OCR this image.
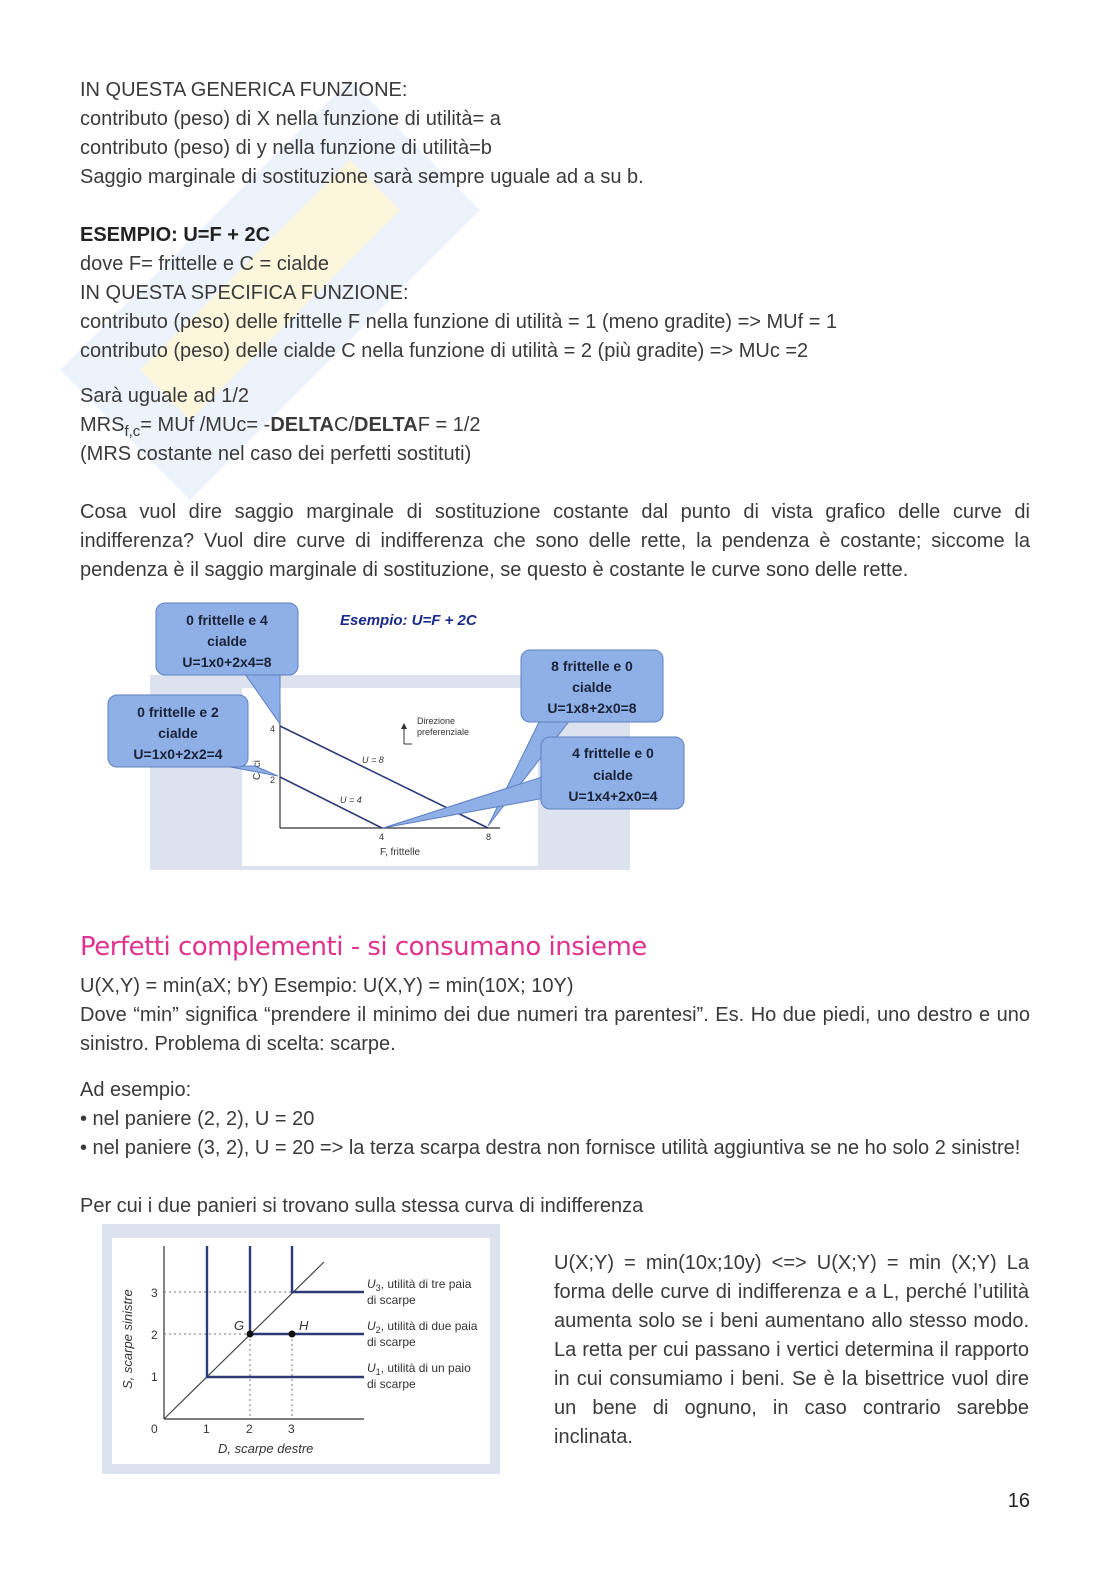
IN QUESTA GENERICA FUNZIONE:
contributo (peso) di X nella funzione di utilità= a
contributo (peso) di y nella funzione di utilità=b
Saggio marginale di sostituzione sarà sempre uguale ad a su b.
ESEMPIO: U=F + 2C
dove F= frittelle e C = cialde
IN QUESTA SPECIFICA FUNZIONE:
contributo (peso) delle frittelle F nella funzione di utilità = 1 (meno gradite) => MUf = 1
contributo (peso) delle cialde C nella funzione di utilità = 2 (più gradite) => MUc =2
Sarà uguale ad 1/2
$MRS_{f,c}=$ MUf /MUc= -DELTAC/DELTAF = 1/2
(MRS costante nel caso dei perfetti sostituti)
Cosa vuol dire saggio marginale di sostituzione costante dal punto di vista grafico delle curve di indifferenza? Vuol dire curve di indifferenza che sono delle rette, la pendenza è costante; siccome la pendenza è il saggio marginale di sostituzione, se questo è costante le curve sono delle rette.
Esempio: U=F + 2C
4
2
4	8
F, frittelle
U = 8
U = 4
Direzione
preferenziale
0 frittelle e 4
cialde
U=1x0+2x4=8
0 frittelle e 2
cialde
U=1x0+2x2=4
8 frittelle e 0
cialde
U=1x8+2x0=8
4 frittelle e 0
cialde
U=1x4+2x0=4
Perfetti complementi - si consumano insieme
U(X,Y) = min(aX; bY) Esempio: U(X,Y) = min(10X; 10Y)
Dove “min” significa “prendere il minimo dei due numeri tra parentesi”. Es. Ho due piedi, uno destro e uno sinistro. Problema di scelta: scarpe.
Ad esempio:
• nel paniere (2, 2), U = 20
• nel paniere (3, 2), U = 20 => la terza scarpa destra non fornisce utilità aggiuntiva se ne ho solo 2 sinistre!
Per cui i due panieri si trovano sulla stessa curva di indifferenza
G	H
0	1	2	3
1
2
3
D, scarpe destre
S, scarpe sinistre
$U_3$, utilità di tre paia
di scarpe
$U_2$, utilità di due paia
di scarpe
$U_1$, utilità di un paio
di scarpe
U(X;Y) = min(10x;10y) <=> U(X;Y) = min (X;Y) La forma delle curve di indifferenza e a L, perché l’utilità aumenta solo se i beni aumentano allo stesso modo. La retta per cui passano i vertici determina il rapporto in cui consumiamo i beni. Se è la bisettrice vuol dire un bene di ognuno, in caso contrario sarebbe inclinata.
16
